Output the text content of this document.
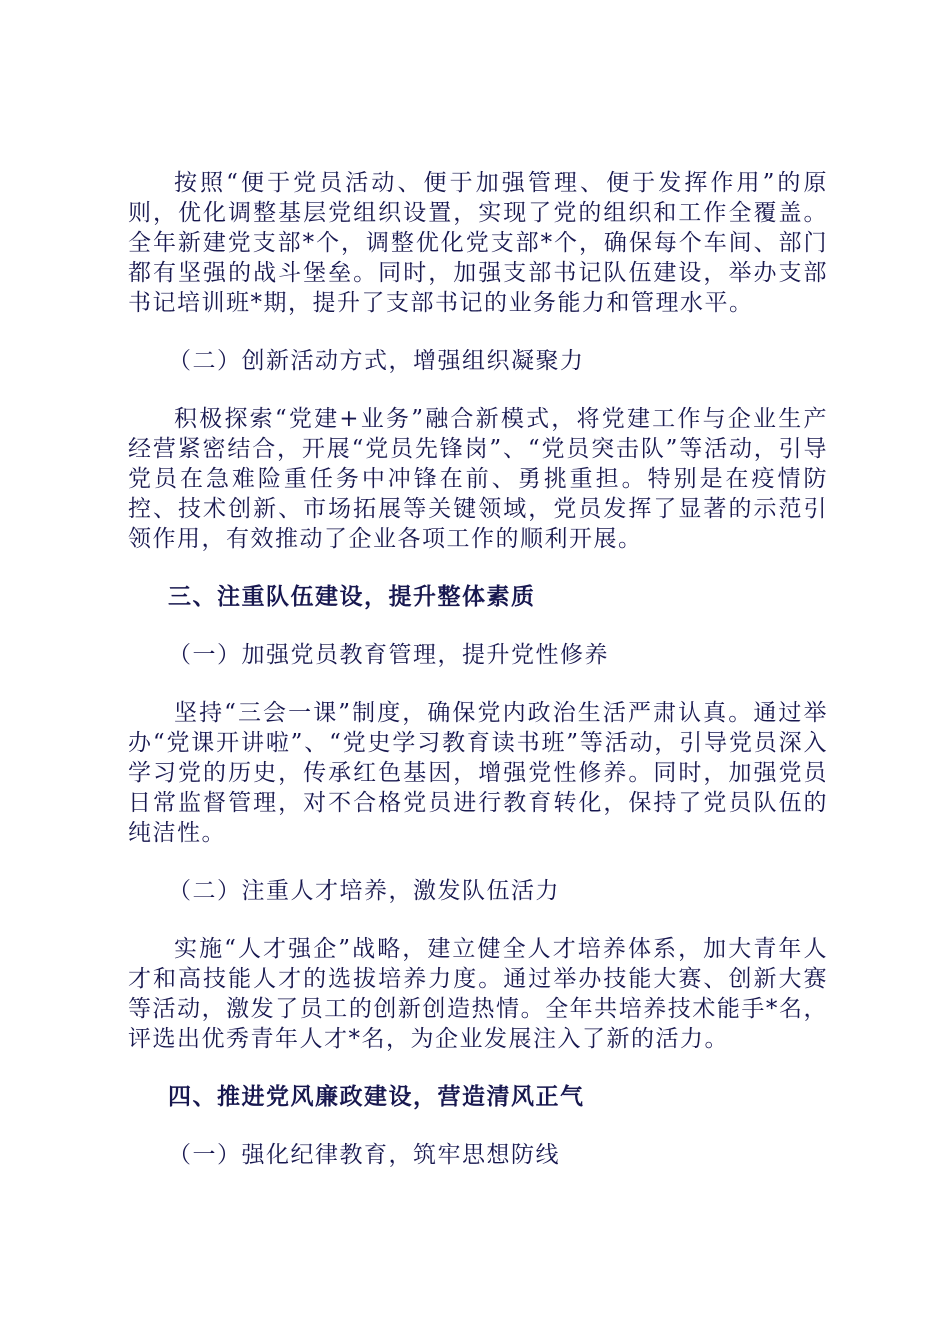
按照“便于党员活动、便于加强管理、便于发挥作用”的原则，优化调整基层党组织设置，实现了党的组织和工作全覆盖。全年新建党支部*个，调整优化党支部*个，确保每个车间、部门都有坚强的战斗堡垒。同时，加强支部书记队伍建设，举办支部书记培训班*期，提升了支部书记的业务能力和管理水平。

（二）创新活动方式，增强组织凝聚力

积极探索“党建+业务”融合新模式，将党建工作与企业生产经营紧密结合，开展“党员先锋岗”、“党员突击队”等活动，引导党员在急难险重任务中冲锋在前、勇挑重担。特别是在疫情防控、技术创新、市场拓展等关键领域，党员发挥了显著的示范引领作用，有效推动了企业各项工作的顺利开展。

三、注重队伍建设，提升整体素质

（一）加强党员教育管理，提升党性修养

坚持“三会一课”制度，确保党内政治生活严肃认真。通过举办“党课开讲啦”、“党史学习教育读书班”等活动，引导党员深入学习党的历史，传承红色基因，增强党性修养。同时，加强党员日常监督管理，对不合格党员进行教育转化，保持了党员队伍的纯洁性。

（二）注重人才培养，激发队伍活力

实施“人才强企”战略，建立健全人才培养体系，加大青年人才和高技能人才的选拔培养力度。通过举办技能大赛、创新大赛等活动，激发了员工的创新创造热情。全年共培养技术能手*名，评选出优秀青年人才*名，为企业发展注入了新的活力。

四、推进党风廉政建设，营造清风正气

（一）强化纪律教育，筑牢思想防线
